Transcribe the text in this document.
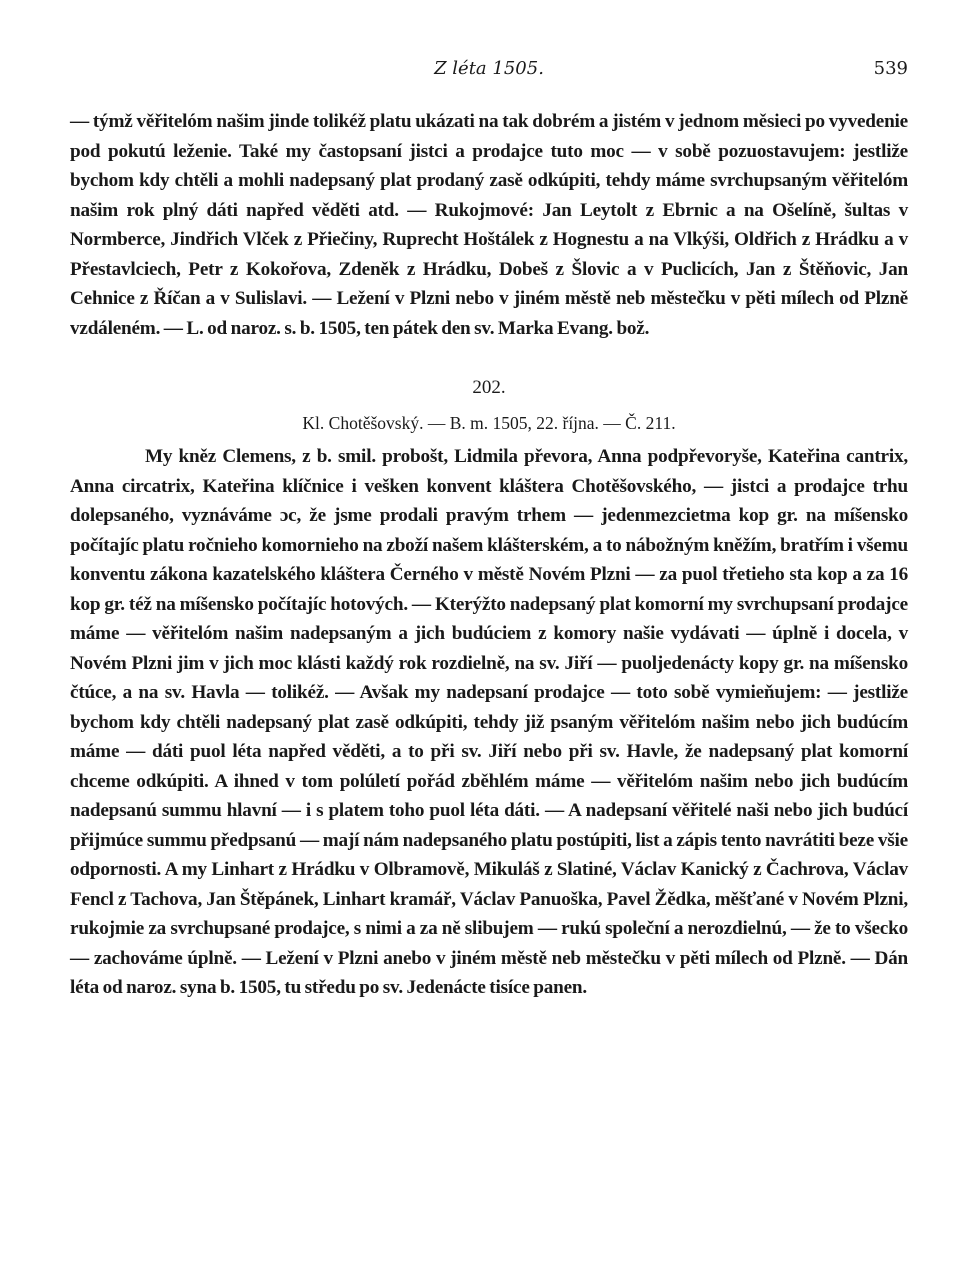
Z léta 1505.	539

— týmž věřitelóm našim jinde tolikéž platu ukázati na tak dobrém a jistém v jednom měsieci po vyvedenie pod pokutú leženie. Také my častopsaní jistci a prodajce tuto moc — v sobě pozuostavujem: jestliže bychom kdy chtěli a mohli nadepsaný plat prodaný zasě odkúpiti, tehdy máme svrchupsaným věřitelóm našim rok plný dáti napřed věděti atd. — Rukojmové: Jan Leytolt z Ebrnic a na Ošelíně, šultas v Normberce, Jindřich Vlček z Přiečiny, Ruprecht Hoštálek z Hognestu a na Vlkýši, Oldřich z Hrádku a v Přestavlciech, Petr z Kokořova, Zdeněk z Hrádku, Dobeš z Šlovic a v Puclicích, Jan z Štěňovic, Jan Cehnice z Říčan a v Sulislavi. — Ležení v Plzni nebo v jiném městě neb městečku v pěti mílech od Plzně vzdáleném. — L. od naroz. s. b. 1505, ten pátek den sv. Marka Evang. bož.

202.

Kl. Chotěšovský. — B. m. 1505, 22. října. — Č. 211.

My kněz Clemens, z b. smil. probošt, Lidmila převora, Anna podpřevoryše, Kateřina cantrix, Anna circatrix, Kateřina klíčnice i vešken konvent kláštera Chotěšovského, — jistci a prodajce trhu dolepsaného, vyznáváme ɔc, že jsme prodali pravým trhem — jedenmezcietma kop gr. na míšensko počítajíc platu ročnieho komornieho na zboží našem klášterském, a to nábožným kněžím, bratřím i všemu konventu zákona kazatelského kláštera Černého v městě Novém Plzni — za puol třetieho sta kop a za 16 kop gr. též na míšensko počítajíc hotových. — Kterýžto nadepsaný plat komorní my svrchupsaní prodajce máme — věřitelóm našim nadepsaným a jich budúciem z komory našie vydávati — úplně i docela, v Novém Plzni jim v jich moc klásti každý rok rozdielně, na sv. Jiří — puoljedenácty kopy gr. na míšensko čtúce, a na sv. Havla — tolikéž. — Avšak my nadepsaní prodajce — toto sobě vymieňujem: — jestliže bychom kdy chtěli nadepsaný plat zasě odkúpiti, tehdy již psaným věřitelóm našim nebo jich budúcím máme — dáti puol léta napřed věděti, a to při sv. Jiří nebo při sv. Havle, že nadepsaný plat komorní chceme odkúpiti. A ihned v tom polúletí pořád zběhlém máme — věřitelóm našim nebo jich budúcím nadepsanú summu hlavní — i s platem toho puol léta dáti. — A nadepsaní věřitelé naši nebo jich budúcí přijmúce summu předpsanú — mají nám nadepsaného platu postúpiti, list a zápis tento navrátiti beze všie odpornosti. A my Linhart z Hrádku v Olbramově, Mikuláš z Slatiné, Václav Kanický z Čachrova, Václav Fencl z Tachova, Jan Štěpánek, Linhart kramář, Václav Panuoška, Pavel Žědka, měšťané v Novém Plzni, rukojmie za svrchupsané prodajce, s nimi a za ně slibujem — rukú společní a nerozdielnú, — že to všecko — zachováme úplně. — Ležení v Plzni anebo v jiném městě neb městečku v pěti mílech od Plzně. — Dán léta od naroz. syna b. 1505, tu středu po sv. Jedenácte tisíce panen.
